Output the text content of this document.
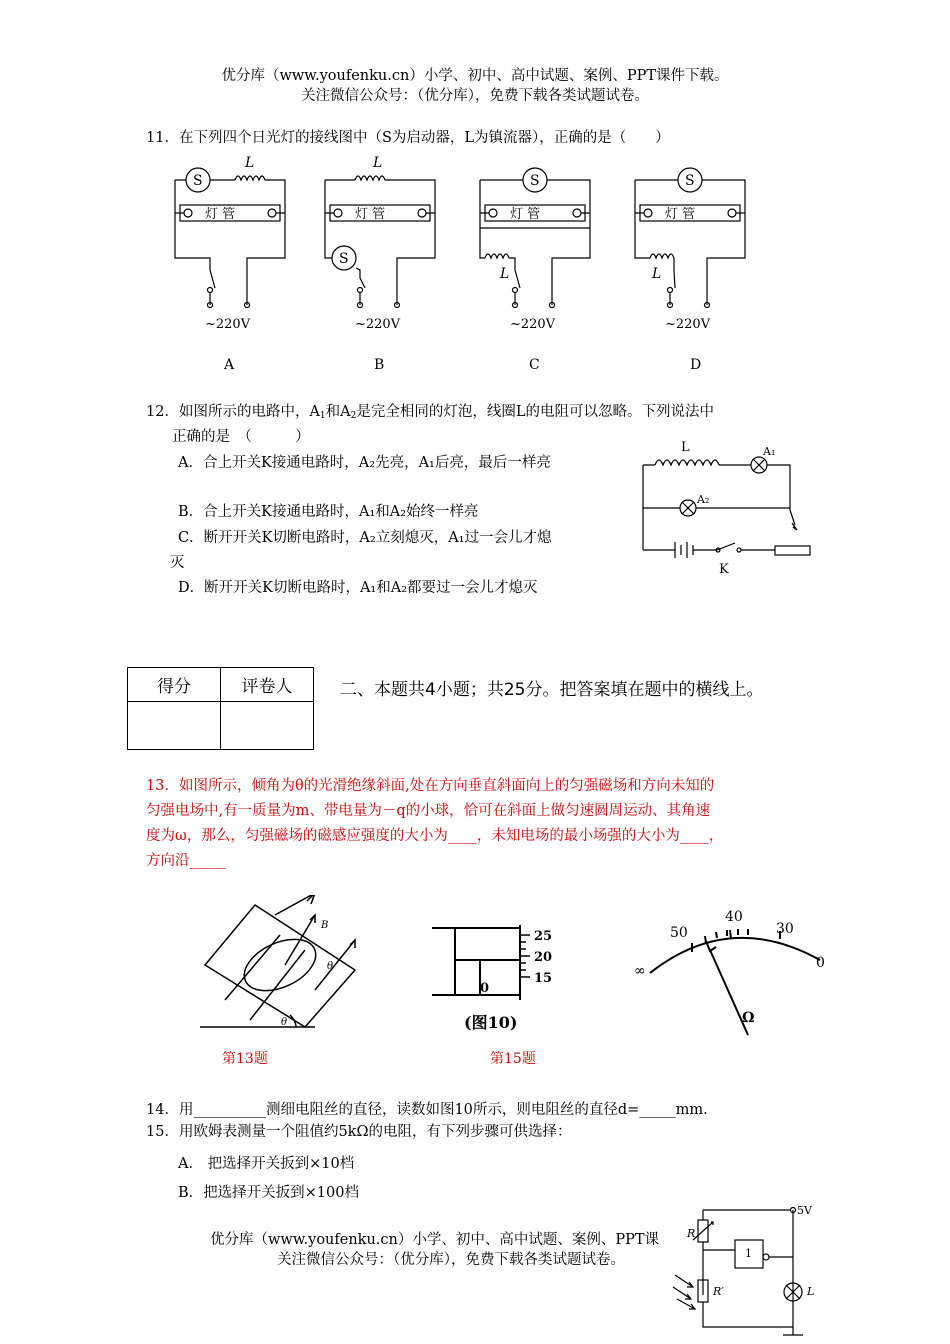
优分库（www.youfenku.cn）小学、初中、高中试题、案例、PPT课件下载。
关注微信公众号：（优分库），免费下载各类试题试卷。
11．在下列四个日光灯的接线图中（S为启动器，L为镇流器），正确的是（　　）
S
L
灯 管
~220V
L
灯 管
S
~220V
S
灯 管
L
~220V
S
灯 管
L
~220V
A	B	C	D
12．如图所示的电路中，$A_1$和$A_2$是完全相同的灯泡，线圈L的电阻可以忽略。下列说法中
正确的是　（　　　）
A．合上开关K接通电路时，A₂先亮，A₁后亮，最后一样亮
B．合上开关K接通电路时，A₁和A₂始终一样亮
C．断开开关K切断电路时，A₂立刻熄灭，A₁过一会儿才熄
灭
D．断开开关K切断电路时，A₁和A₂都要过一会儿才熄灭
L	A₁
A₂
K
得分	评卷人
		二、本题共4小题；共25分。把答案填在题中的横线上。
13．如图所示，倾角为θ的光滑绝缘斜面,处在方向垂直斜面向上的匀强磁场和方向未知的
匀强电场中,有一质量为m、带电量为－q的小球，恰可在斜面上做匀速圆周运动、其角速
度为ω，那么，匀强磁场的磁感应强度的大小为____，未知电场的最小场强的大小为____，
方向沿_____
B
θ
θ
25
20
15
0
(图10)
∞
50
40
30
0
Ω
第13题	第15题
14．用__________测细电阻丝的直径，读数如图10所示，则电阻丝的直径d=_____mm.
15．用欧姆表测量一个阻值约5kΩ的电阻，有下列步骤可供选择：
A． 把选择开关扳到×10档
B．把选择开关扳到×100档
5V
R
R′
1
L
优分库（www.youfenku.cn）小学、初中、高中试题、案例、PPT课
关注微信公众号：（优分库），免费下载各类试题试卷。
